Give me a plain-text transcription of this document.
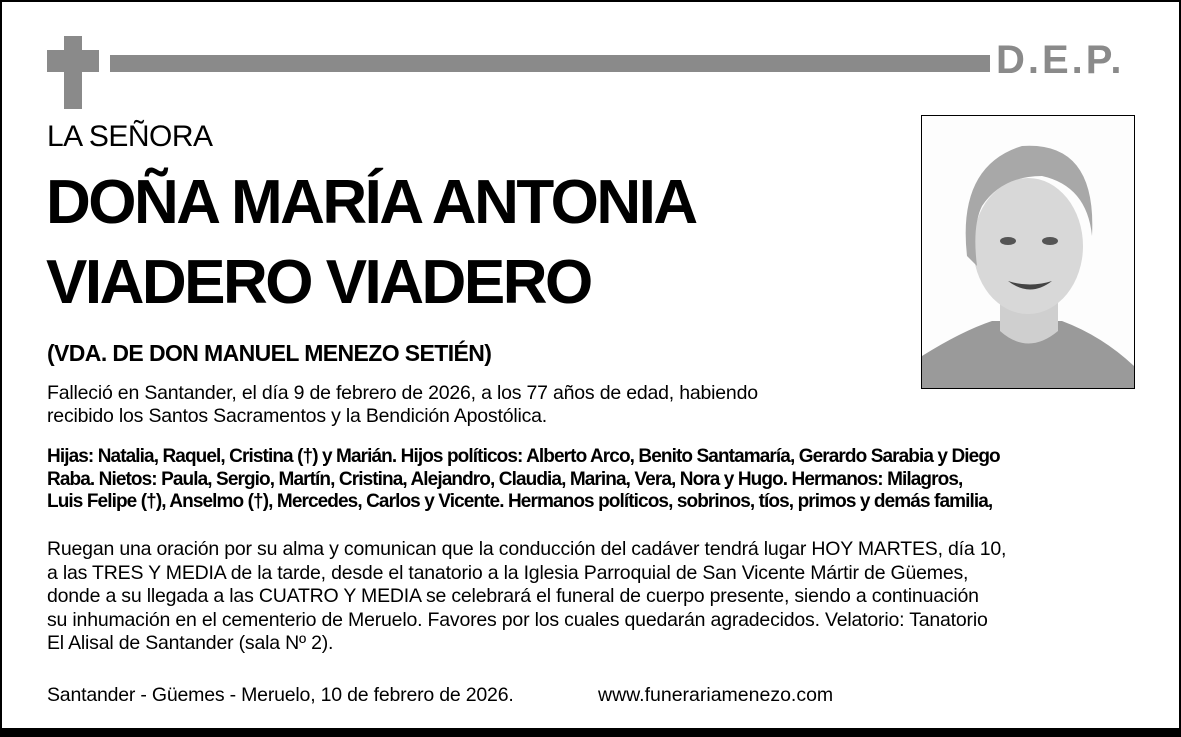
D.E.P.
LA SEÑORA
DOÑA MARÍA ANTONIA
VIADERO VIADERO
(VDA. DE DON MANUEL MENEZO SETIÉN)
Falleció en Santander, el día 9 de febrero de 2026, a los 77 años de edad, habiendo
recibido los Santos Sacramentos y la Bendición Apostólica.
Hijas: Natalia, Raquel, Cristina (†) y Marián. Hijos políticos: Alberto Arco, Benito Santamaría, Gerardo Sarabia y Diego
Raba. Nietos: Paula, Sergio, Martín, Cristina, Alejandro, Claudia, Marina, Vera, Nora y Hugo. Hermanos: Milagros,
Luis Felipe (†), Anselmo (†), Mercedes, Carlos y Vicente. Hermanos políticos, sobrinos, tíos, primos y demás familia,
Ruegan una oración por su alma y comunican que la conducción del cadáver tendrá lugar HOY MARTES, día 10,
a las TRES Y MEDIA de la tarde, desde el tanatorio a la Iglesia Parroquial de San Vicente Mártir de Güemes,
donde a su llegada a las CUATRO Y MEDIA se celebrará el funeral de cuerpo presente, siendo a continuación
su inhumación en el cementerio de Meruelo. Favores por los cuales quedarán agradecidos. Velatorio: Tanatorio
El Alisal de Santander (sala Nº 2).
Santander - Güemes - Meruelo, 10 de febrero de 2026.	www.funerariamenezo.com
